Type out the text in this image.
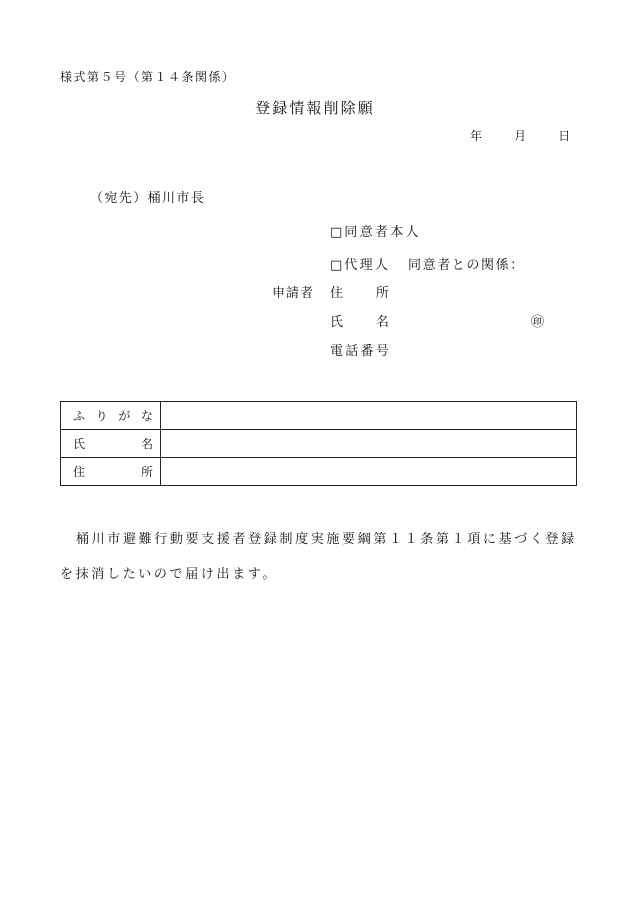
様式第５号（第１４条関係）
登録情報削除願
年　　月　　日
（宛先）桶川市長
□ 同意者本人
□ 代理人 同意者との関係：
申請者 住　　所
氏　　名	㊞
電話番号
ふりがな	
氏　　名	
住　　所	
桶川市避難行動要支援者登録制度実施要綱第１１条第１項に基づく登録
を抹消したいので届け出ます。
